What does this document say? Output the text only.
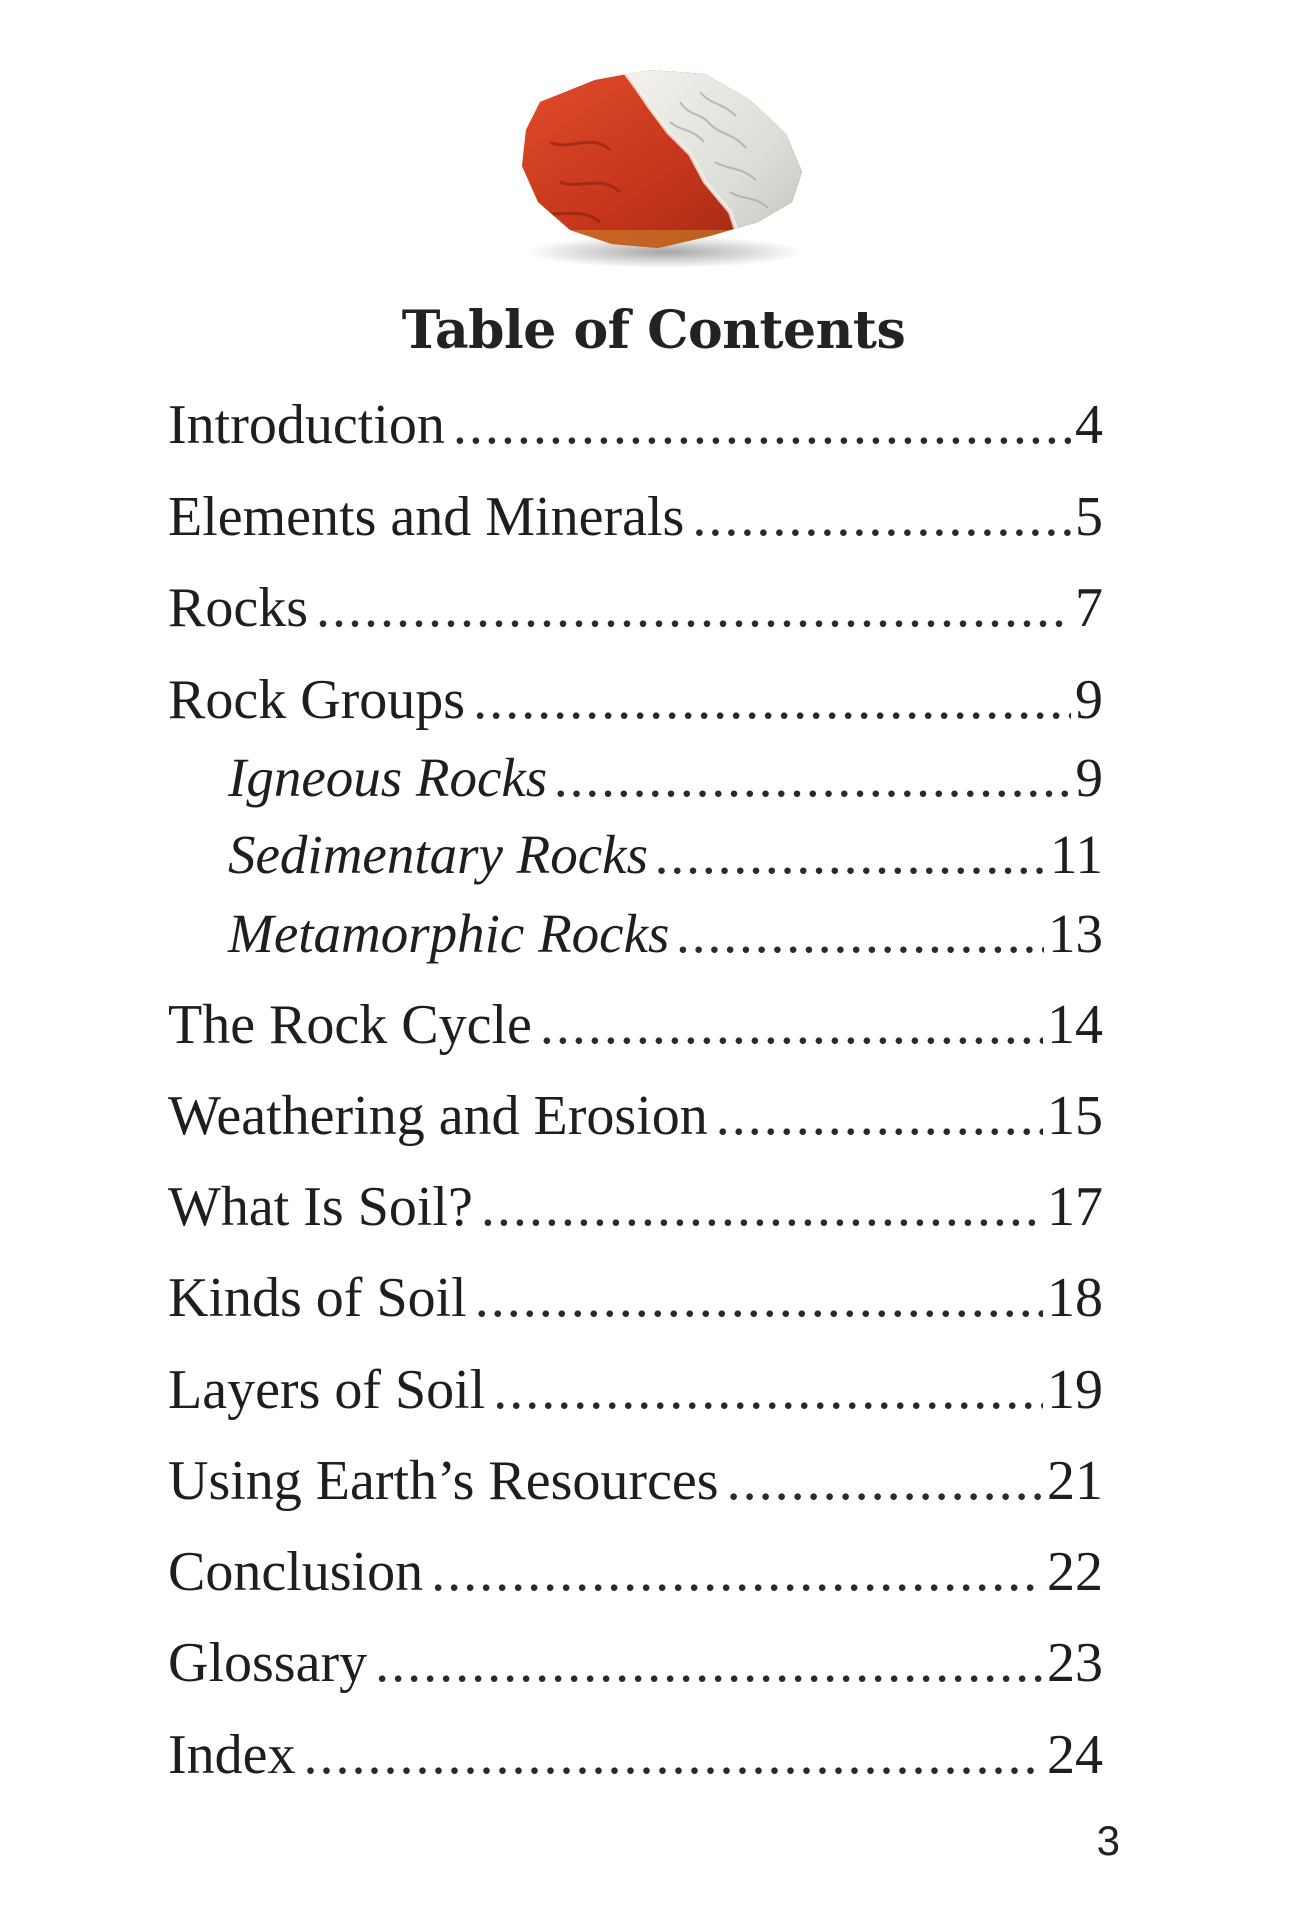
Table of Contents
Introduction .....	4
Elements and Minerals .....	5
Rocks .....	7
Rock Groups .....	9
Igneous Rocks .....	9
Sedimentary Rocks .....	11
Metamorphic Rocks .....	13
The Rock Cycle .....	14
Weathering and Erosion .....	15
What Is Soil? .....	17
Kinds of Soil .....	18
Layers of Soil .....	19
Using Earth’s Resources .....	21
Conclusion .....	22
Glossary .....	23
Index .....	24
3
